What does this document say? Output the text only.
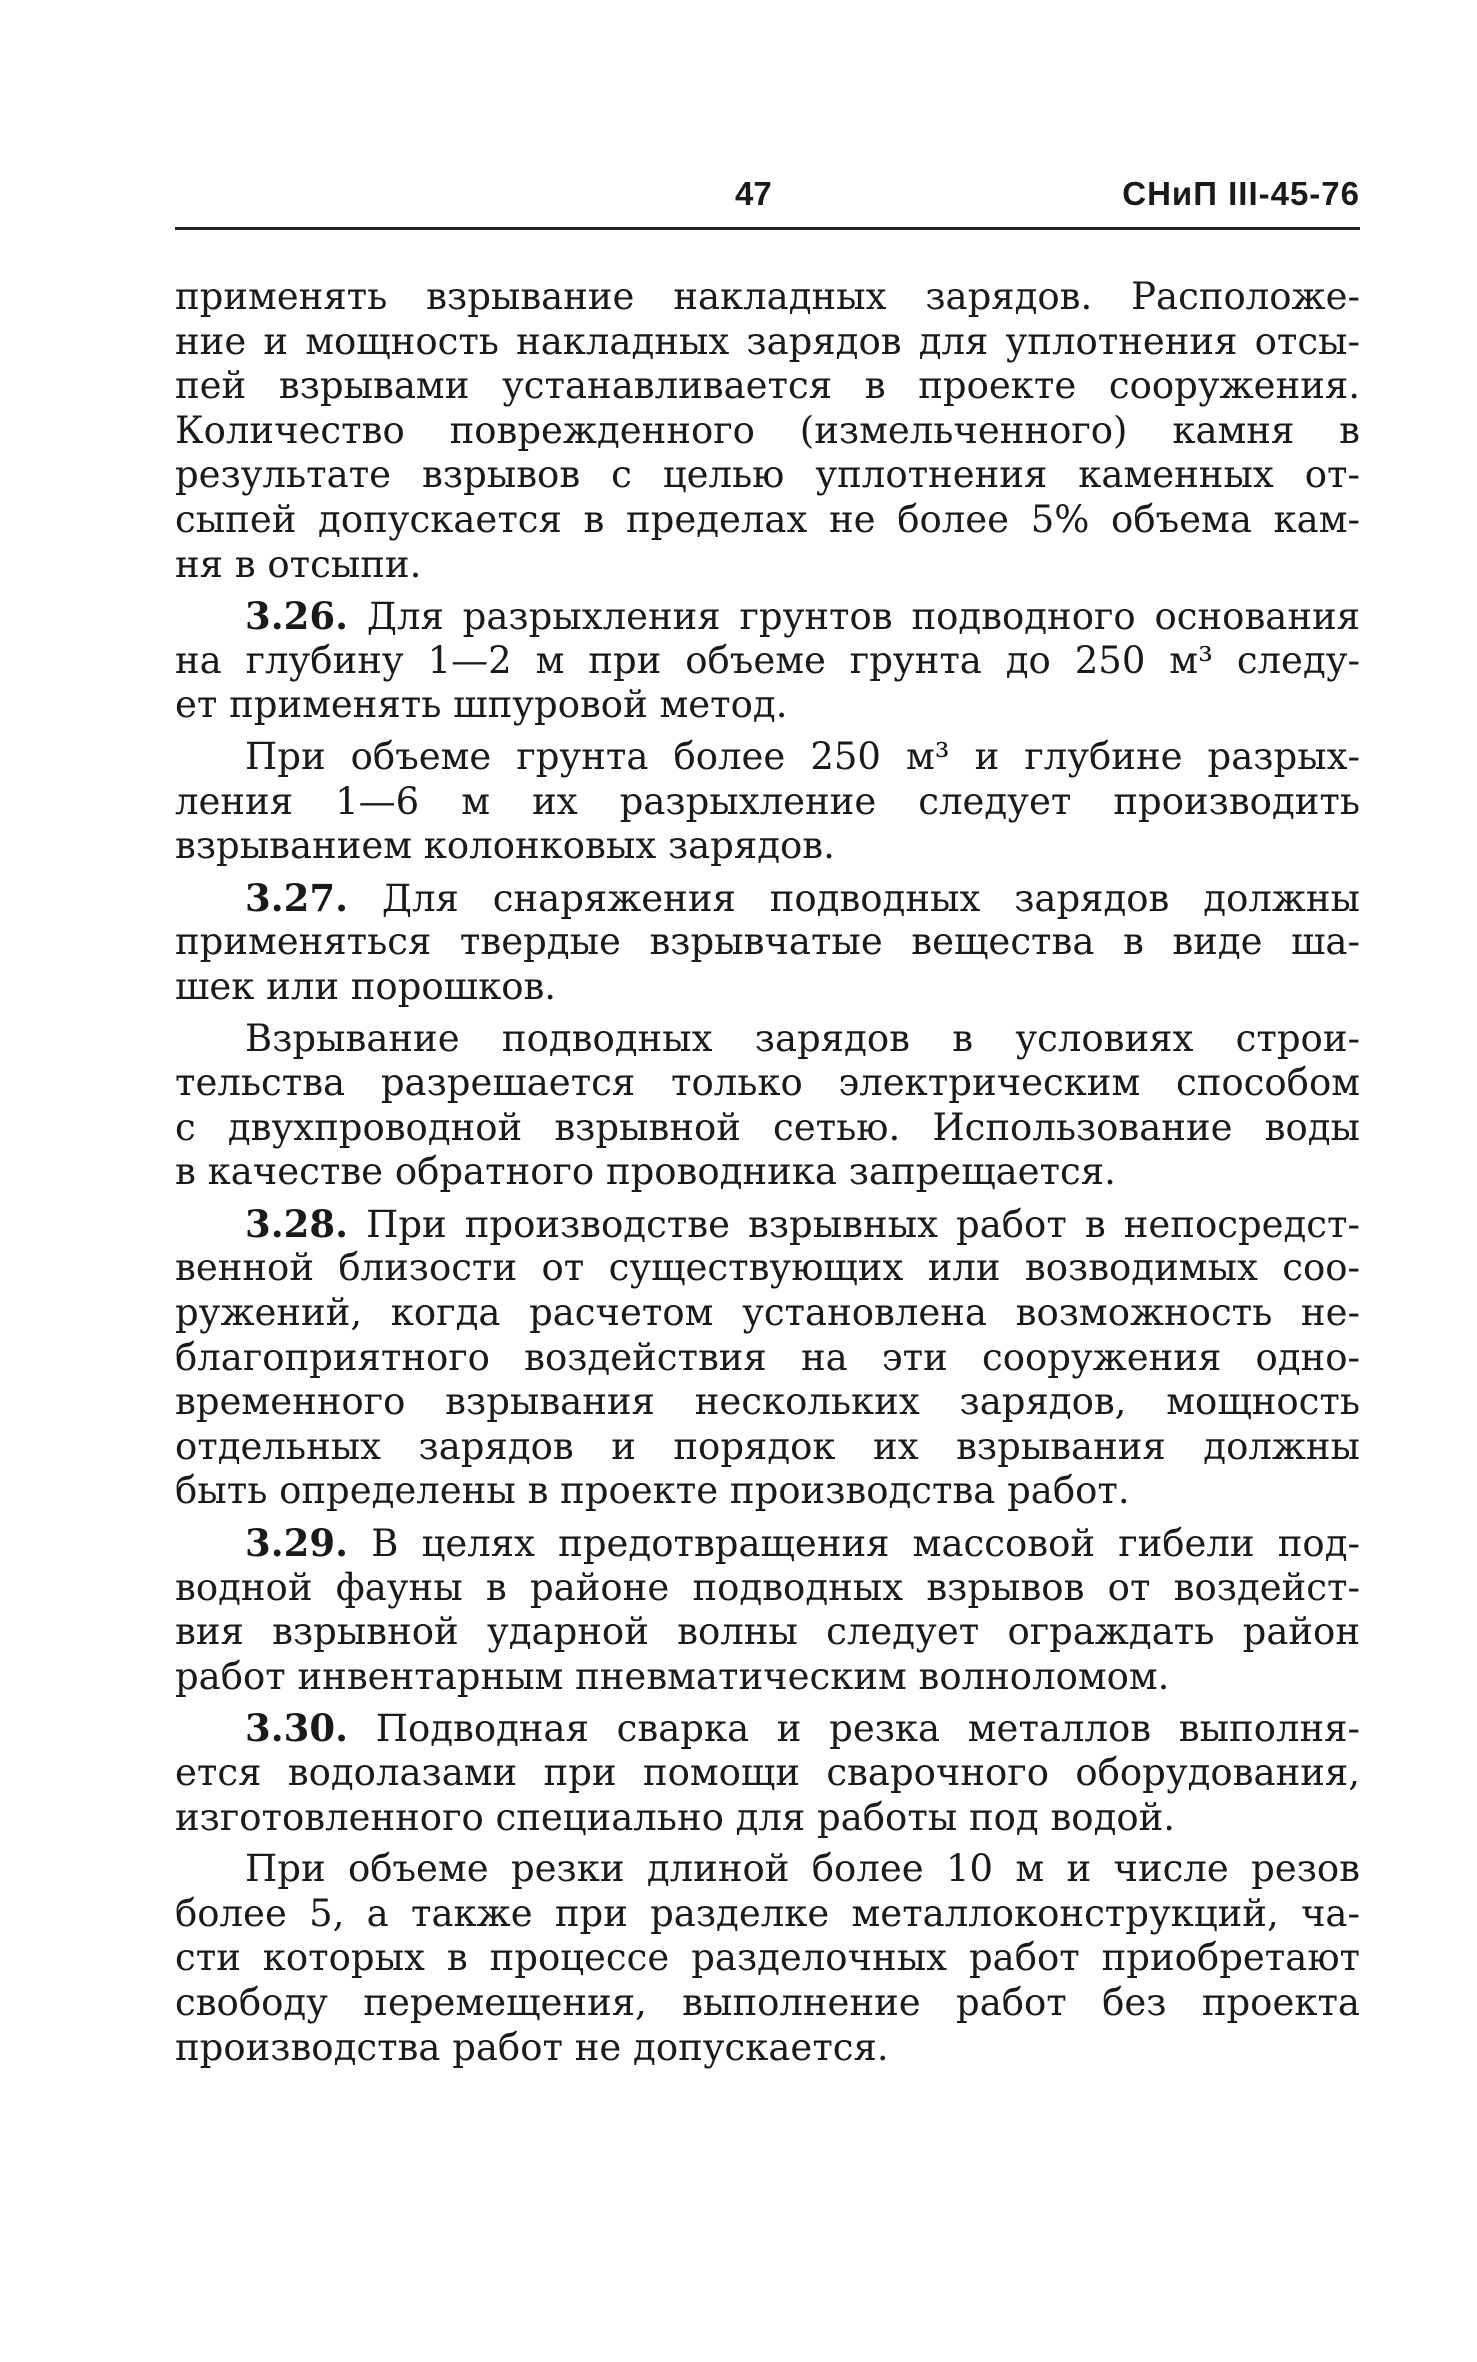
47	СНиП III-45-76
применять взрывание накладных зарядов. Расположе-
ние и мощность накладных зарядов для уплотнения отсы-
пей взрывами устанавливается в проекте сооружения.
Количество поврежденного (измельченного) камня в
результате взрывов с целью уплотнения каменных от-
сыпей допускается в пределах не более 5% объема кам-
ня в отсыпи.
3.26. Для разрыхления грунтов подводного основания
на глубину 1—2 м при объеме грунта до 250 м³ следу-
ет применять шпуровой метод.
При объеме грунта более 250 м³ и глубине разрых-
ления 1—6 м их разрыхление следует производить
взрыванием колонковых зарядов.
3.27. Для снаряжения подводных зарядов должны
применяться твердые взрывчатые вещества в виде ша-
шек или порошков.
Взрывание подводных зарядов в условиях строи-
тельства разрешается только электрическим способом
с двухпроводной взрывной сетью. Использование воды
в качестве обратного проводника запрещается.
3.28. При производстве взрывных работ в непосредст-
венной близости от существующих или возводимых соо-
ружений, когда расчетом установлена возможность не-
благоприятного воздействия на эти сооружения одно-
временного взрывания нескольких зарядов, мощность
отдельных зарядов и порядок их взрывания должны
быть определены в проекте производства работ.
3.29. В целях предотвращения массовой гибели под-
водной фауны в районе подводных взрывов от воздейст-
вия взрывной ударной волны следует ограждать район
работ инвентарным пневматическим волноломом.
3.30. Подводная сварка и резка металлов выполня-
ется водолазами при помощи сварочного оборудования,
изготовленного специально для работы под водой.
При объеме резки длиной более 10 м и числе резов
более 5, а также при разделке металлоконструкций, ча-
сти которых в процессе разделочных работ приобретают
свободу перемещения, выполнение работ без проекта
производства работ не допускается.
